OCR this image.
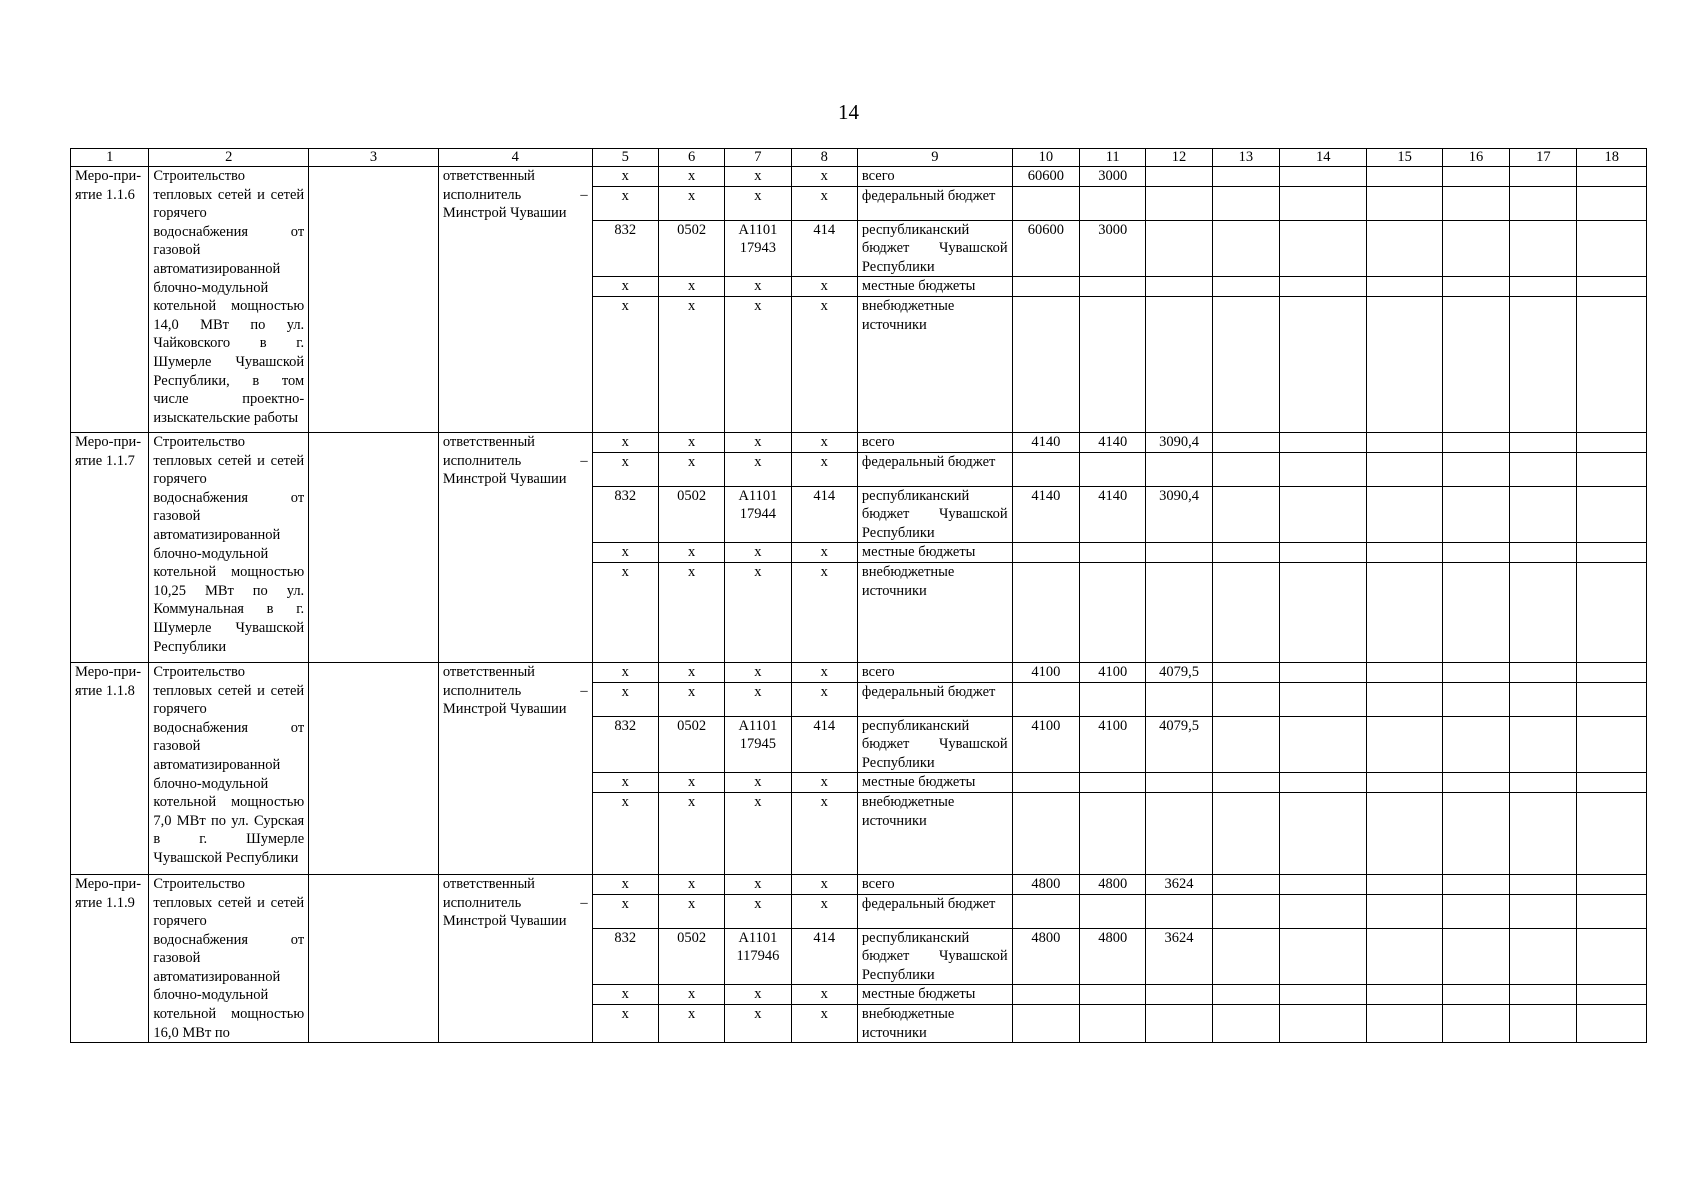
14
1	2	3	4	5	6	7	8	9	10	11	12	13	14	15	16	17	18
Меро-при-ятие 1.1.6	Строительство тепловых сетей и сетей горячего водоснабжения от газовой автоматизированной блочно-модульной котельной мощностью 14,0 МВт по ул. Чайковского в г. Шумерле Чувашской Республики, в том числе проектно-изыскательские работы		ответственный исполнитель – Минстрой Чувашии	x	x	x	x	всего	60600	3000							
				x	x	x	x	федеральный бюджет									
				832	0502	А1101 17943	414	республиканский бюджет Чувашской Республики	60600	3000							
				x	x	x	x	местные бюджеты									
				x	x	x	x	внебюджетные источники									
Меро-при-ятие 1.1.7	Строительство тепловых сетей и сетей горячего водоснабжения от газовой автоматизированной блочно-модульной котельной мощностью 10,25 МВт по ул. Коммунальная в г. Шумерле Чувашской Республики		ответственный исполнитель – Минстрой Чувашии	x	x	x	x	всего	4140	4140	3090,4						
				x	x	x	x	федеральный бюджет									
				832	0502	А1101 17944	414	республиканский бюджет Чувашской Республики	4140	4140	3090,4						
				x	x	x	x	местные бюджеты									
				x	x	x	x	внебюджетные источники									
Меро-при-ятие 1.1.8	Строительство тепловых сетей и сетей горячего водоснабжения от газовой автоматизированной блочно-модульной котельной мощностью 7,0 МВт по ул. Сурская в г. Шумерле Чувашской Республики		ответственный исполнитель – Минстрой Чувашии	x	x	x	x	всего	4100	4100	4079,5						
				x	x	x	x	федеральный бюджет									
				832	0502	А1101 17945	414	республиканский бюджет Чувашской Республики	4100	4100	4079,5						
				x	x	x	x	местные бюджеты									
				x	x	x	x	внебюджетные источники									
Меро-при-ятие 1.1.9	Строительство тепловых сетей и сетей горячего водоснабжения от газовой автоматизированной блочно-модульной котельной мощностью 16,0 МВт по		ответственный исполнитель – Минстрой Чувашии	x	x	x	x	всего	4800	4800	3624						
				x	x	x	x	федеральный бюджет									
				832	0502	А1101 117946	414	республиканский бюджет Чувашской Республики	4800	4800	3624						
				x	x	x	x	местные бюджеты									
				x	x	x	x	внебюджетные источники									
